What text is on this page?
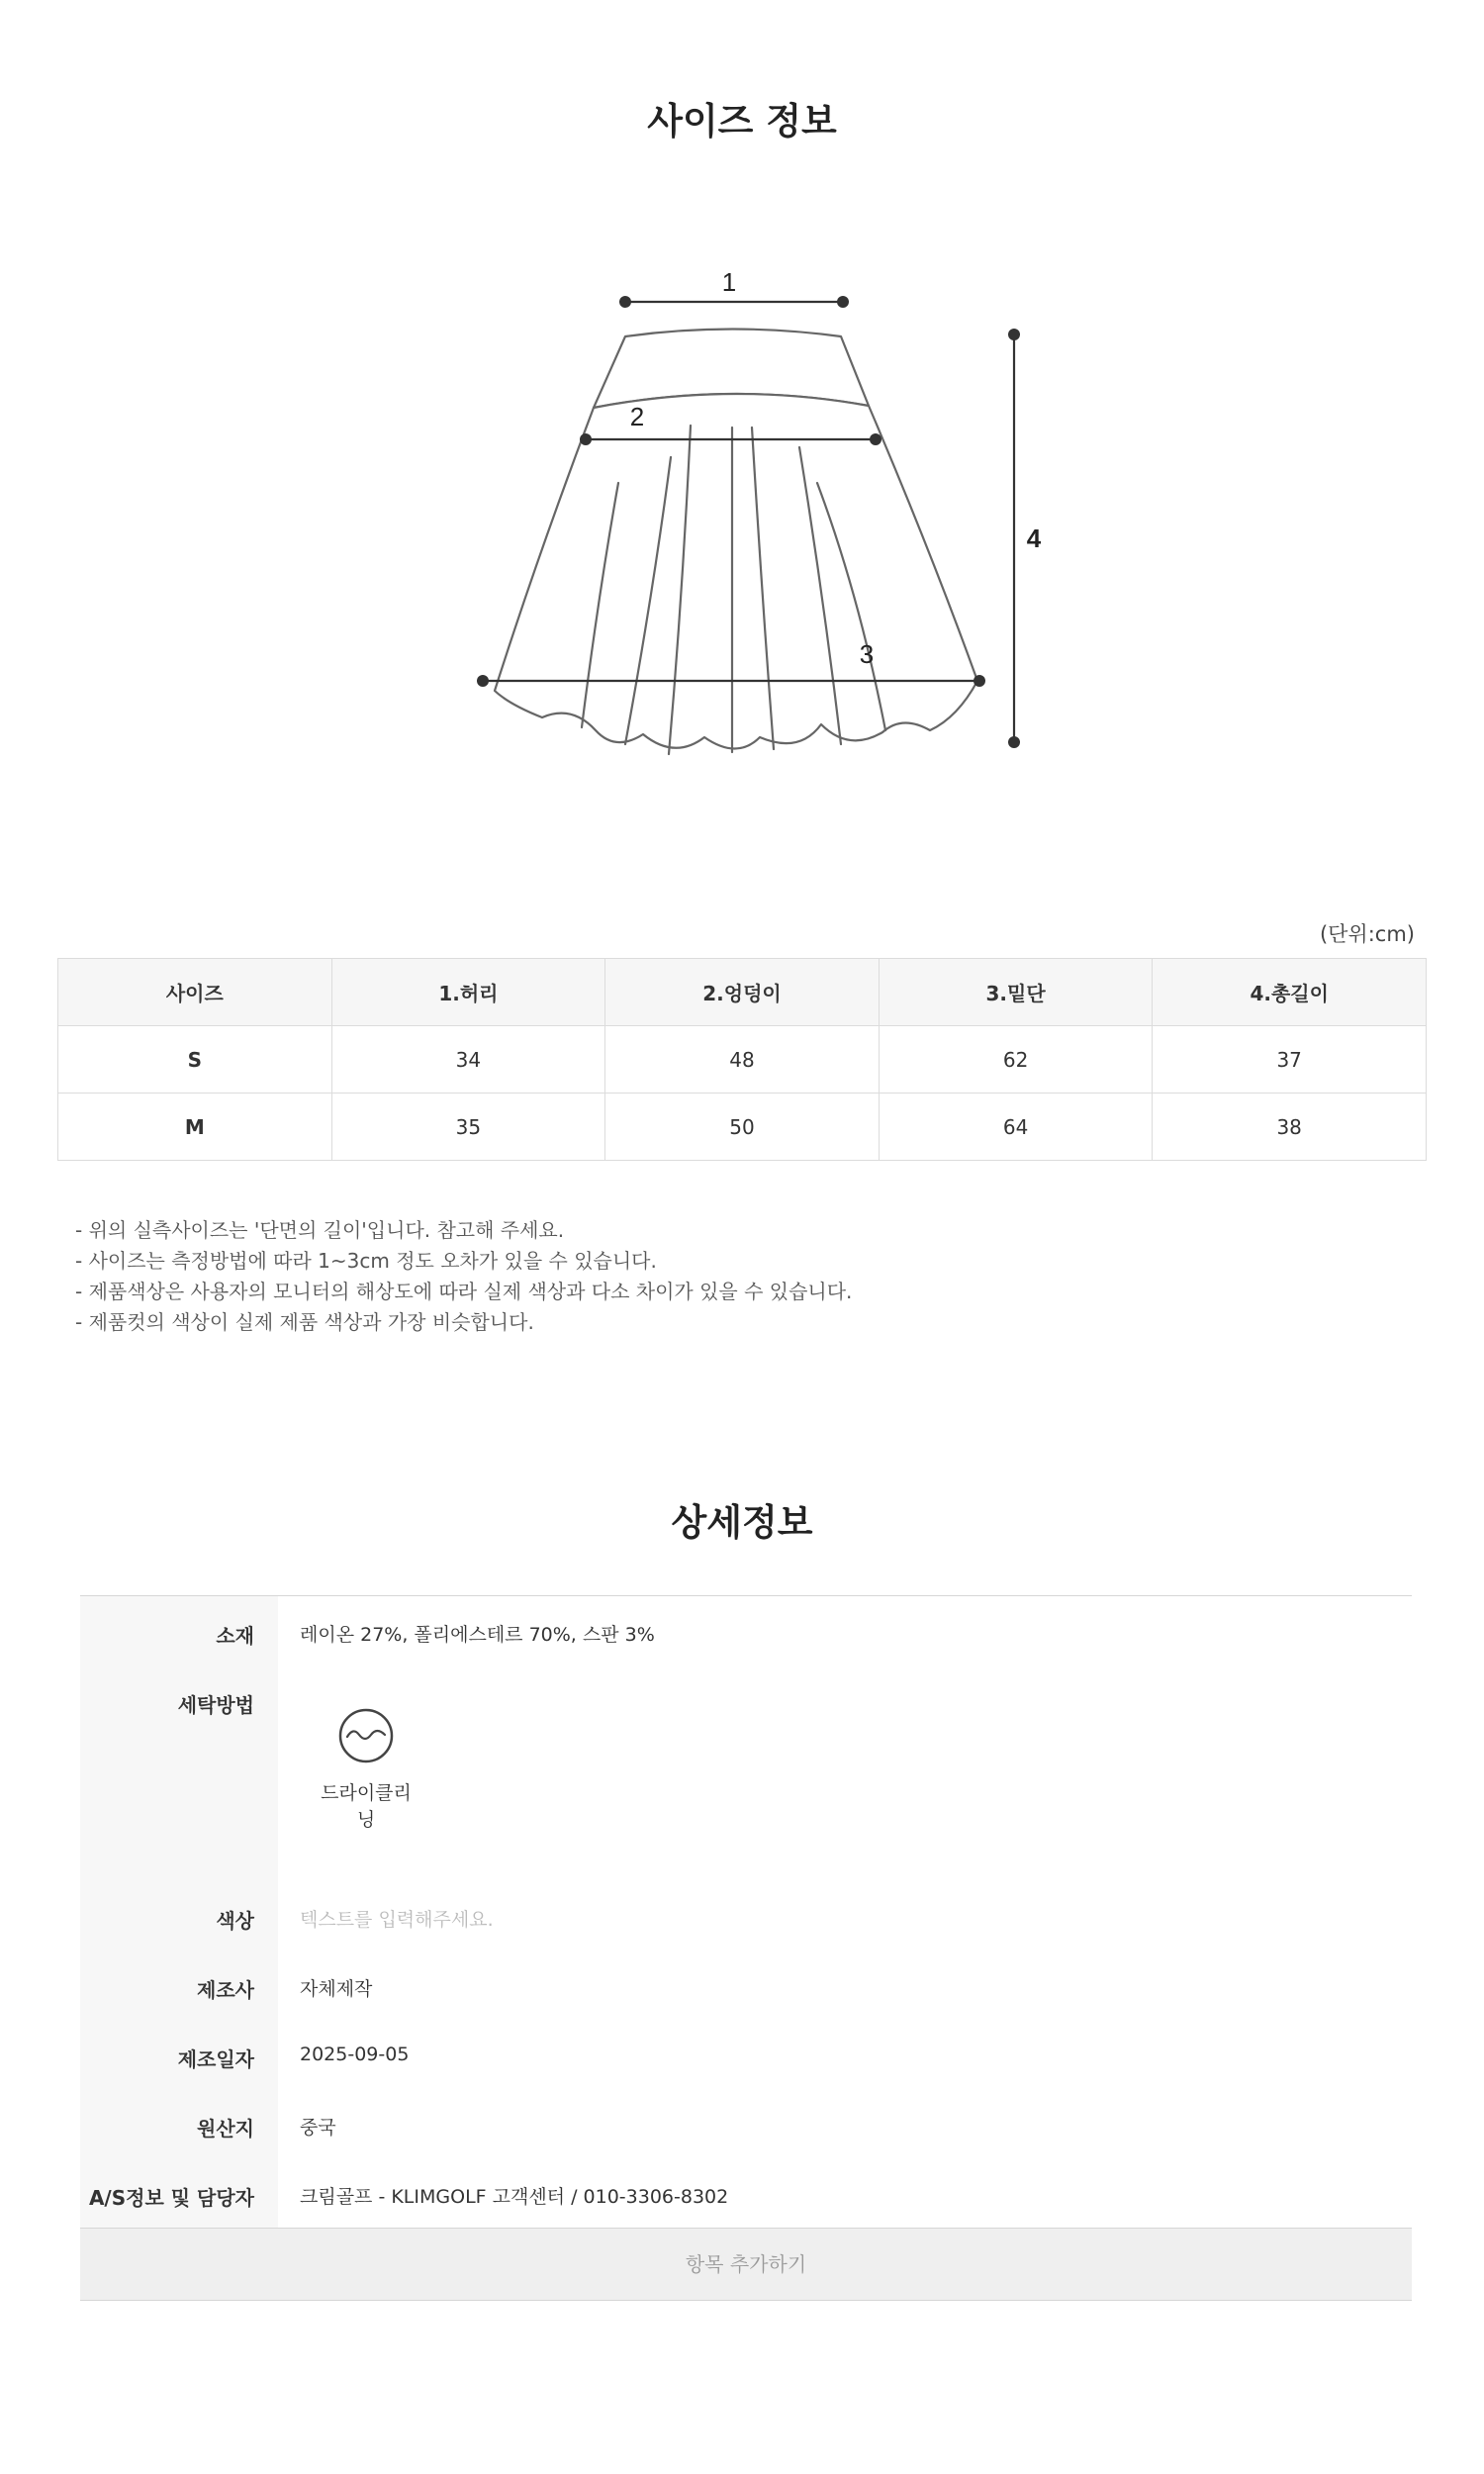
사이즈 정보
1
2
3
4
(단위:cm)
사이즈	1.허리	2.엉덩이	3.밑단	4.총길이
S	34	48	62	37
M	35	50	64	38
- 위의 실측사이즈는 '단면의 길이'입니다. 참고해 주세요.
- 사이즈는 측정방법에 따라 1~3cm 정도 오차가 있을 수 있습니다.
- 제품색상은 사용자의 모니터의 해상도에 따라 실제 색상과 다소 차이가 있을 수 있습니다.
- 제품컷의 색상이 실제 제품 색상과 가장 비슷합니다.
상세정보
소재	레이온 27%, 폴리에스테르 70%, 스판 3%
세탁방법
드라이클리닝
색상	텍스트를 입력해주세요.
제조사	자체제작
제조일자	2025-09-05
원산지	중국
A/S정보 및 담당자	크림골프 - KLIMGOLF 고객센터 / 010-3306-8302
항목 추가하기
